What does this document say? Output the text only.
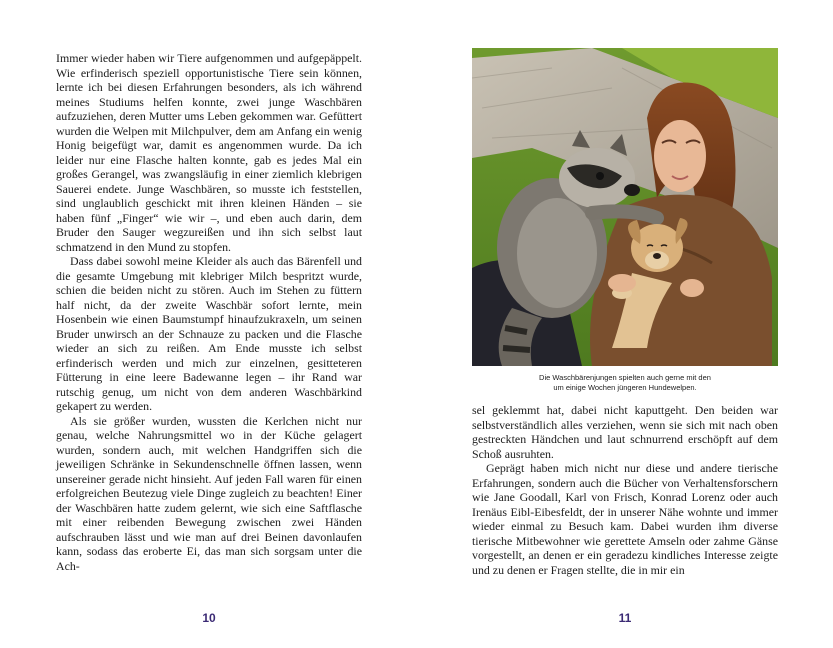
Immer wieder haben wir Tiere aufgenommen und aufgepäppelt. Wie erfinderisch speziell opportunistische Tiere sein können, lernte ich bei diesen Erfahrungen besonders, als ich während meines Studiums helfen konnte, zwei junge Waschbären aufzuziehen, deren Mutter ums Leben gekommen war. Gefüttert wurden die Welpen mit Milchpulver, dem am Anfang ein wenig Honig beigefügt war, damit es angenommen wurde. Da ich leider nur eine Flasche halten konnte, gab es jedes Mal ein großes Gerangel, was zwangsläufig in einer ziemlich klebrigen Sauerei endete. Junge Waschbären, so musste ich feststellen, sind unglaublich geschickt mit ihren kleinen Händen – sie haben fünf „Finger“ wie wir –, und eben auch darin, dem Bruder den Sauger wegzureißen und ihn sich selbst laut schmatzend in den Mund zu stopfen.

Dass dabei sowohl meine Kleider als auch das Bärenfell und die gesamte Umgebung mit klebriger Milch bespritzt wurde, schien die beiden nicht zu stören. Auch im Stehen zu füttern half nicht, da der zweite Waschbär sofort lernte, mein Hosenbein wie einen Baumstumpf hinaufzukraxeln, um seinen Bruder unwirsch an der Schnauze zu packen und die Flasche wieder an sich zu reißen. Am Ende musste ich selbst erfinderisch werden und mich zur einzelnen, gesitteteren Fütterung in eine leere Badewanne legen – ihr Rand war rutschig genug, um nicht von dem anderen Waschbärkind gekapert zu werden.

Als sie größer wurden, wussten die Kerlchen nicht nur genau, welche Nahrungsmittel wo in der Küche gelagert wurden, sondern auch, mit welchen Handgriffen sich die jeweiligen Schränke in Sekundenschnelle öffnen lassen, wenn unsereiner gerade nicht hinsieht. Auf jeden Fall waren für einen erfolgreichen Beutezug viele Dinge zugleich zu beachten! Einer der Waschbären hatte zudem gelernt, wie sich eine Saftflasche mit einer reibenden Bewegung zwischen zwei Händen aufschrauben lässt und wie man auf drei Beinen davonlaufen kann, sodass das eroberte Ei, das man sich sorgsam unter die Ach-

10
Die Waschbärenjungen spielten auch gerne mit den
um einige Wochen jüngeren Hundewelpen.

sel geklemmt hat, dabei nicht kaputtgeht. Den beiden war selbstverständlich alles verziehen, wenn sie sich mit nach oben gestreckten Händchen und laut schnurrend erschöpft auf dem Schoß ausruhten.

Geprägt haben mich nicht nur diese und andere tierische Erfahrungen, sondern auch die Bücher von Verhaltensforschern wie Jane Goodall, Karl von Frisch, Konrad Lorenz oder auch Irenäus Eibl-Eibesfeldt, der in unserer Nähe wohnte und immer wieder einmal zu Besuch kam. Dabei wurden ihm diverse tierische Mitbewohner wie gerettete Amseln oder zahme Gänse vorgestellt, an denen er ein geradezu kindliches Interesse zeigte und zu denen er Fragen stellte, die in mir ein

11
